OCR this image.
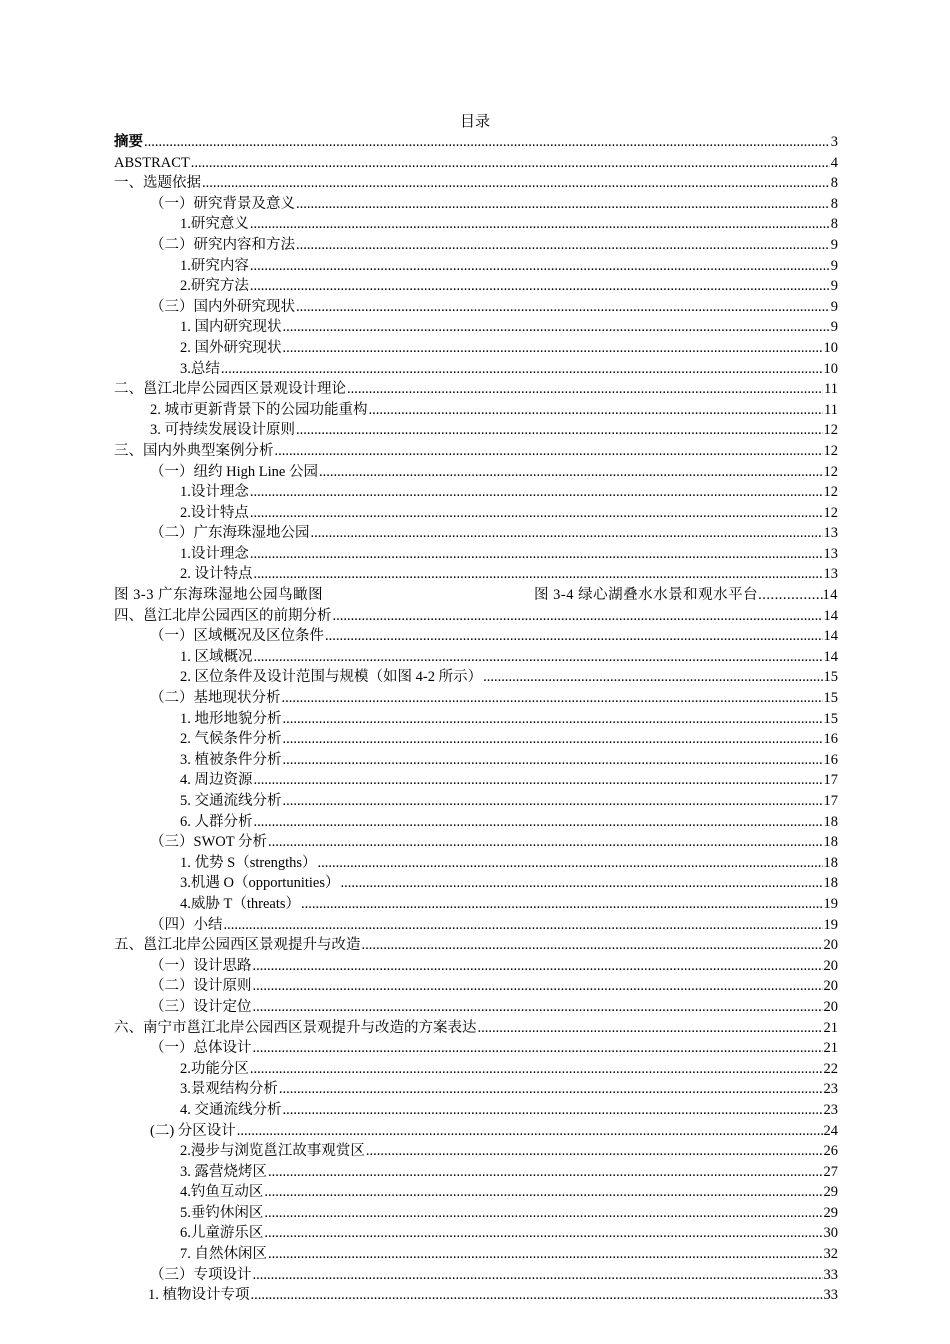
目录
摘要 .....	3
ABSTRACT .....	4
一、选题依据 .....	8
（一）研究背景及意义 .....	8
1.研究意义 .....	8
（二）研究内容和方法 .....	9
1.研究内容 .....	9
2.研究方法 .....	9
（三）国内外研究现状 .....	9
1. 国内研究现状 .....	9
2. 国外研究现状 .....	10
3.总结 .....	10
二、邕江北岸公园西区景观设计理论 .....	11
2. 城市更新背景下的公园功能重构 .....	11
3. 可持续发展设计原则 .....	12
三、国内外典型案例分析 .....	12
（一）纽约 High Line 公园 .....	12
1.设计理念 .....	12
2.设计特点 .....	12
（二）广东海珠湿地公园 .....	13
1.设计理念 .....	13
2. 设计特点 .....	13
图 3-3 广东海珠湿地公园鸟瞰图	图 3-4 绿心湖叠水水景和观水平台 .....	14
四、邕江北岸公园西区的前期分析 .....	14
（一）区域概况及区位条件 .....	14
1. 区域概况 .....	14
2. 区位条件及设计范围与规模（如图 4-2 所示） .....	15
（二）基地现状分析 .....	15
1. 地形地貌分析 .....	15
2. 气候条件分析 .....	16
3. 植被条件分析 .....	16
4. 周边资源 .....	17
5. 交通流线分析 .....	17
6. 人群分析 .....	18
（三）SWOT 分析 .....	18
1. 优势 S（strengths） .....	18
3.机遇 O（opportunities） .....	18
4.威胁 T（threats） .....	19
（四）小结 .....	19
五、邕江北岸公园西区景观提升与改造 .....	20
（一）设计思路 .....	20
（二）设计原则 .....	20
（三）设计定位 .....	20
六、南宁市邕江北岸公园西区景观提升与改造的方案表达 .....	21
（一）总体设计 .....	21
2.功能分区 .....	22
3.景观结构分析 .....	23
4. 交通流线分析 .....	23
(二) 分区设计 .....	24
2.漫步与浏览邕江故事观赏区 .....	26
3. 露营烧烤区 .....	27
4.钓鱼互动区 .....	29
5.垂钓休闲区 .....	29
6.儿童游乐区 .....	30
7. 自然休闲区 .....	32
（三）专项设计 .....	33
1. 植物设计专项 .....	33
